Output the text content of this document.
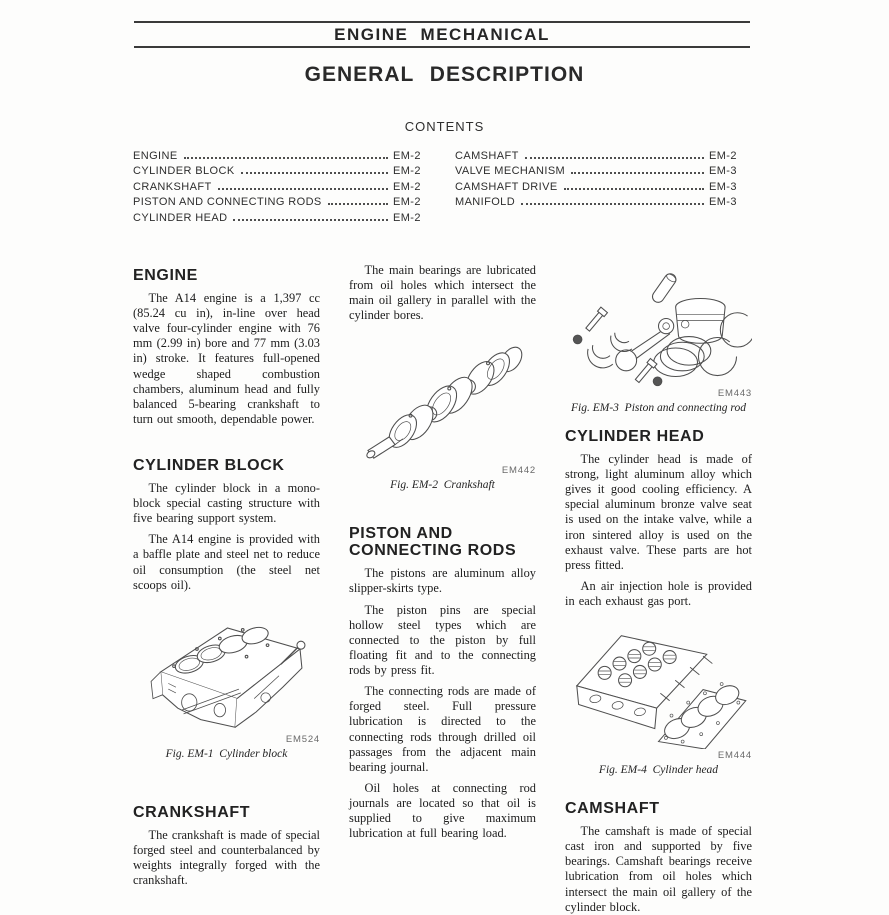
ENGINE MECHANICAL
GENERAL DESCRIPTION
CONTENTS
ENGINE	EM-2
CYLINDER BLOCK	EM-2
CRANKSHAFT	EM-2
PISTON AND CONNECTING RODS	EM-2
CYLINDER HEAD	EM-2
CAMSHAFT	EM-2
VALVE MECHANISM	EM-3
CAMSHAFT DRIVE	EM-3
MANIFOLD	EM-3
ENGINE

The A14 engine is a 1,397 cc (85.24 cu in), in-line over head valve four-cylinder engine with 76 mm (2.99 in) bore and 77 mm (3.03 in) stroke. It features full-opened wedge shaped combustion chambers, aluminum head and fully balanced 5-bearing crankshaft to turn out smooth, dependable power.

CYLINDER BLOCK

The cylinder block in a mono-block special casting structure with five bearing support system.

The A14 engine is provided with a baffle plate and steel net to reduce oil consumption (the steel net scoops oil).

EM524
Fig. EM-1  Cylinder block
CRANKSHAFT

The crankshaft is made of special forged steel and counterbalanced by weights integrally forged with the crankshaft.

The main bearings are lubricated from oil holes which intersect the main oil gallery in parallel with the cylinder bores.

EM442
Fig. EM-2  Crankshaft
PISTON AND CONNECTING RODS

The pistons are aluminum alloy slipper-skirts type.

The piston pins are special hollow steel types which are connected to the piston by full floating fit and to the connecting rods by press fit.

The connecting rods are made of forged steel. Full pressure lubrication is directed to the connecting rods through drilled oil passages from the adjacent main bearing journal.

Oil holes at connecting rod journals are located so that oil is supplied to give maximum lubrication at full bearing load.

EM443
Fig. EM-3  Piston and connecting rod
CYLINDER HEAD

The cylinder head is made of strong, light aluminum alloy which gives it good cooling efficiency. A special aluminum bronze valve seat is used on the intake valve, while a iron sintered alloy is used on the exhaust valve. These parts are hot press fitted.

An air injection hole is provided in each exhaust gas port.

EM444
Fig. EM-4  Cylinder head
CAMSHAFT

The camshaft is made of special cast iron and supported by five bearings. Camshaft bearings receive lubrication from oil holes which intersect the main oil gallery of the cylinder block.
